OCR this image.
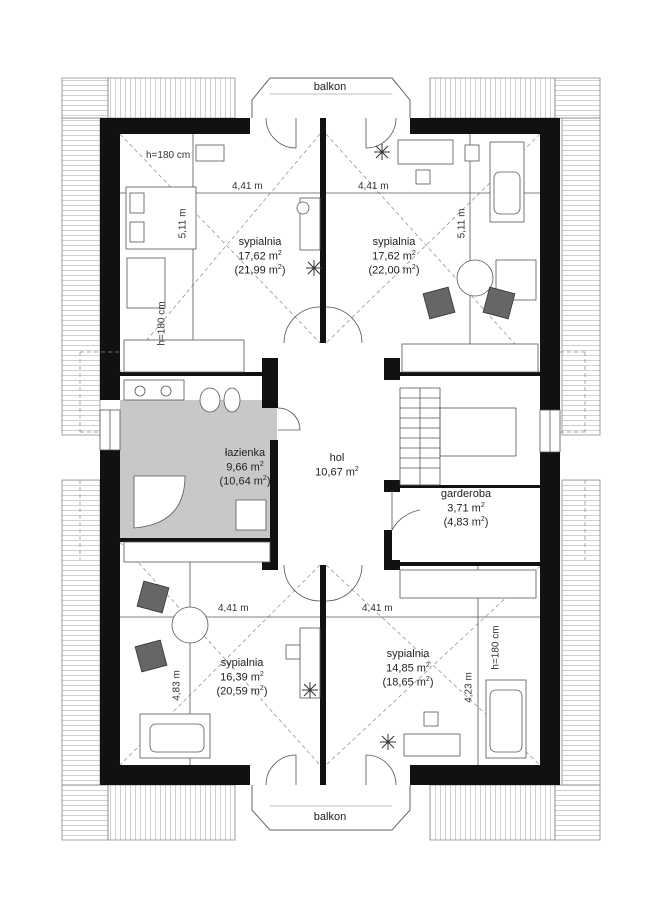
balkon
balkon
sypialnia
17,62 $m^2$
(21,99 $m^2$)
sypialnia
17,62 $m^2$
(22,00 $m^2$)
łazienka
9,66 $m^2$
(10,64 $m^2$)
hol
10,67 $m^2$
garderoba
3,71 $m^2$
(4,83 $m^2$)
sypialnia
16,39 $m^2$
(20,59 $m^2$)
sypialnia
14,85 $m^2$
(18,65 $m^2$)
4,41 m	4,41 m
4,41 m	4,41 m
h=180 cm
5,11 m	5,11 m
4,83 m	4,23 m
h=180 cm
h=180 cm
